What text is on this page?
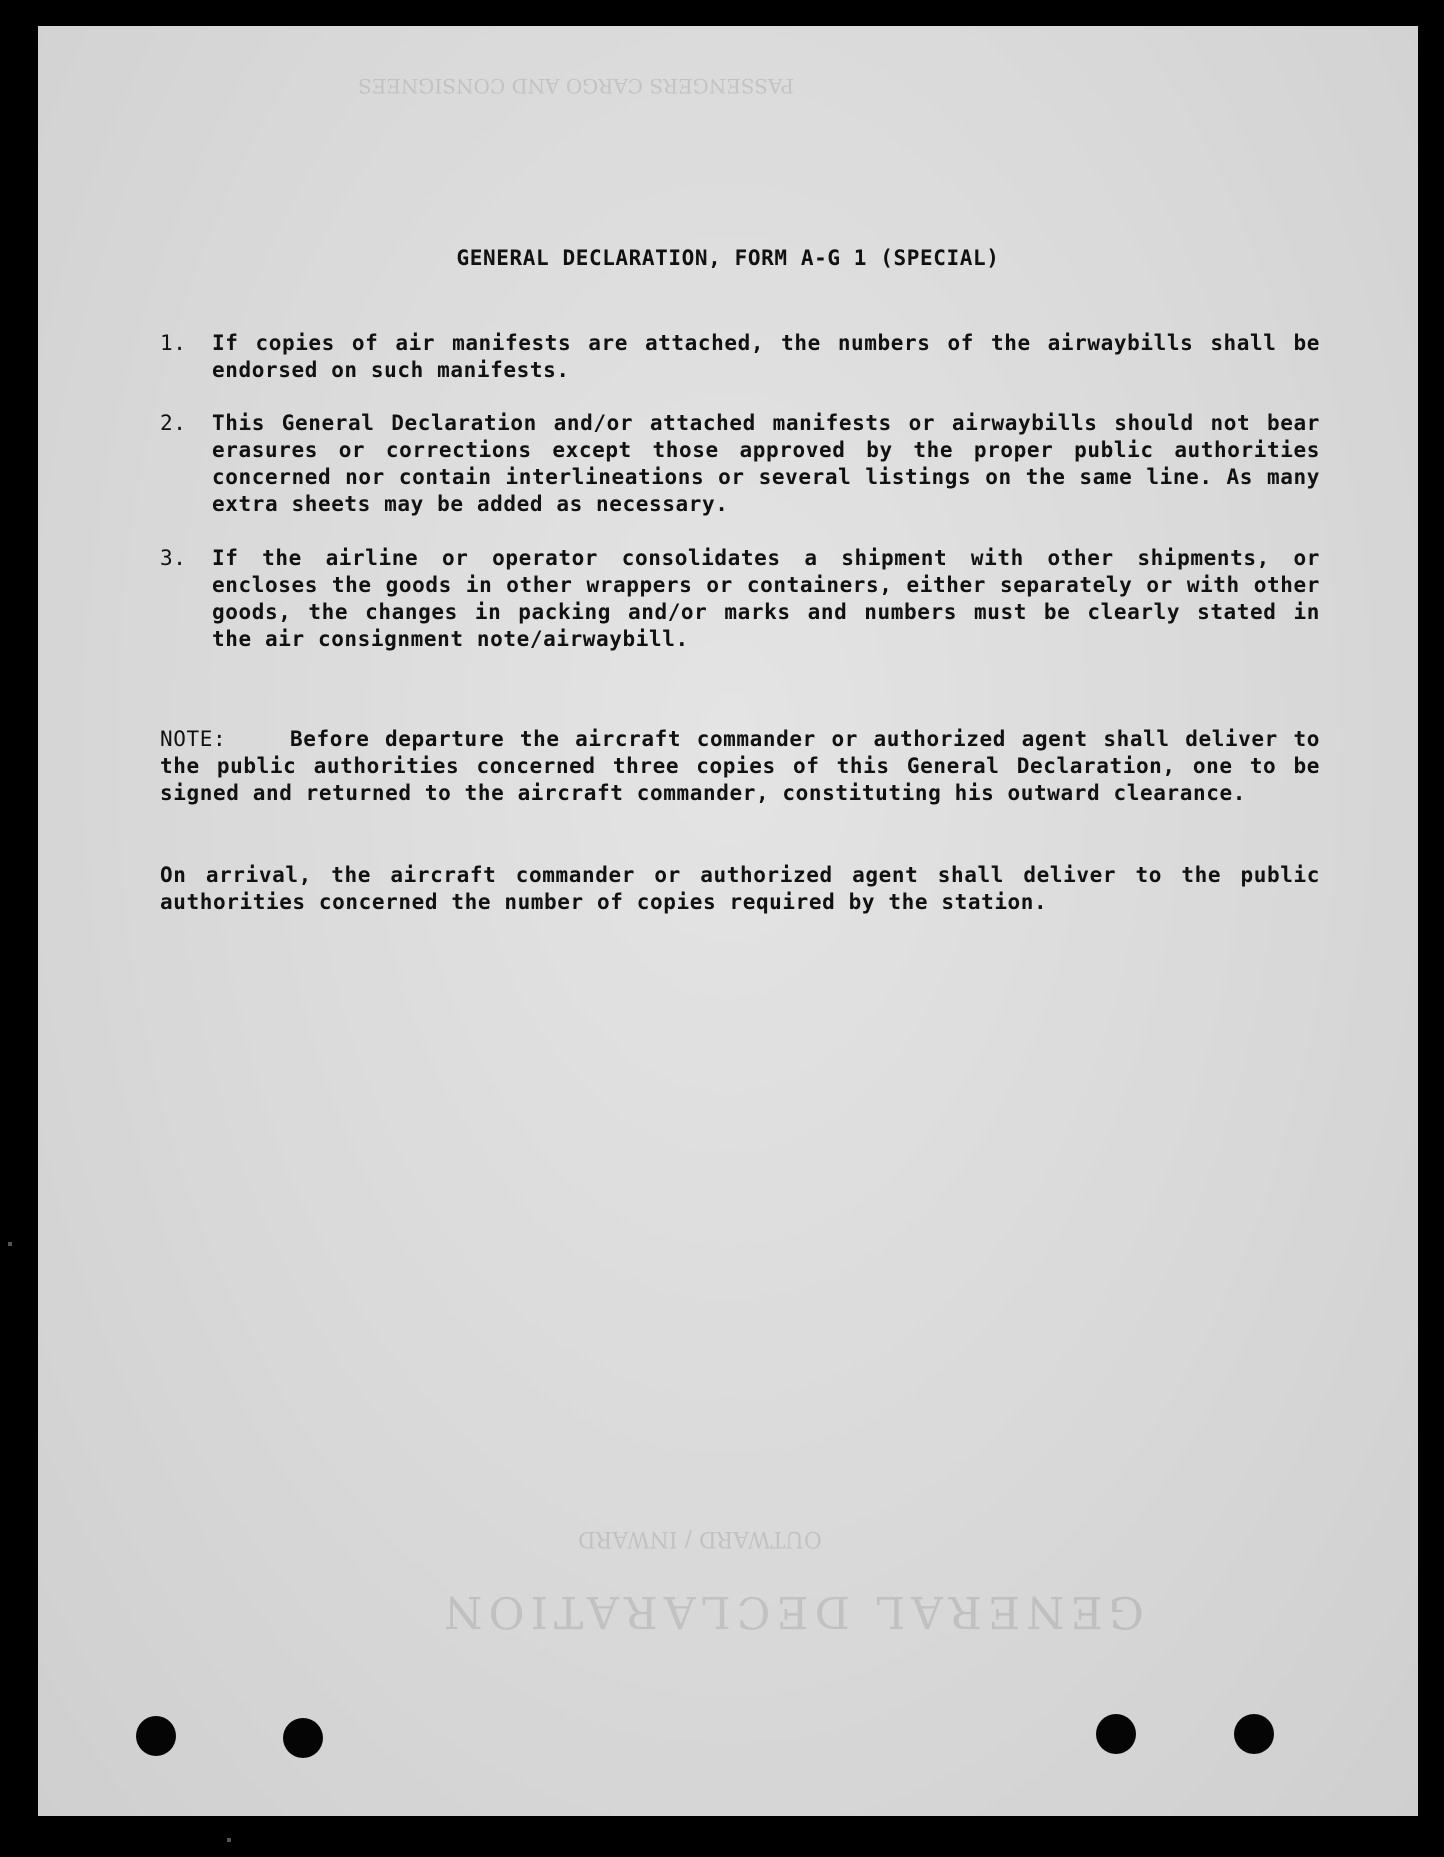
GENERAL DECLARATION
OUTWARD / INWARD
PASSENGERS CARGO AND CONSIGNEES
GENERAL DECLARATION, FORM A-G 1 (SPECIAL)
1.	If copies of air manifests are attached, the numbers of the airwaybills shall be endorsed on such manifests.
2.	This General Declaration and/or attached manifests or airwaybills should not bear erasures or corrections except those approved by the proper public authorities concerned nor contain interlineations or several listings on the same line. As many extra sheets may be added as necessary.
3.	If the airline or operator consolidates a shipment with other shipments, or encloses the goods in other wrappers or containers, either separately or with other goods, the changes in packing and/or marks and numbers must be clearly stated in the air consignment note/airwaybill.
NOTE:	Before departure the aircraft commander or authorized agent shall deliver to the public authorities concerned three copies of this General Declaration, one to be signed and returned to the aircraft commander, constituting his outward clearance.
On arrival, the aircraft commander or authorized agent shall deliver to the public authorities concerned the number of copies required by the station.
